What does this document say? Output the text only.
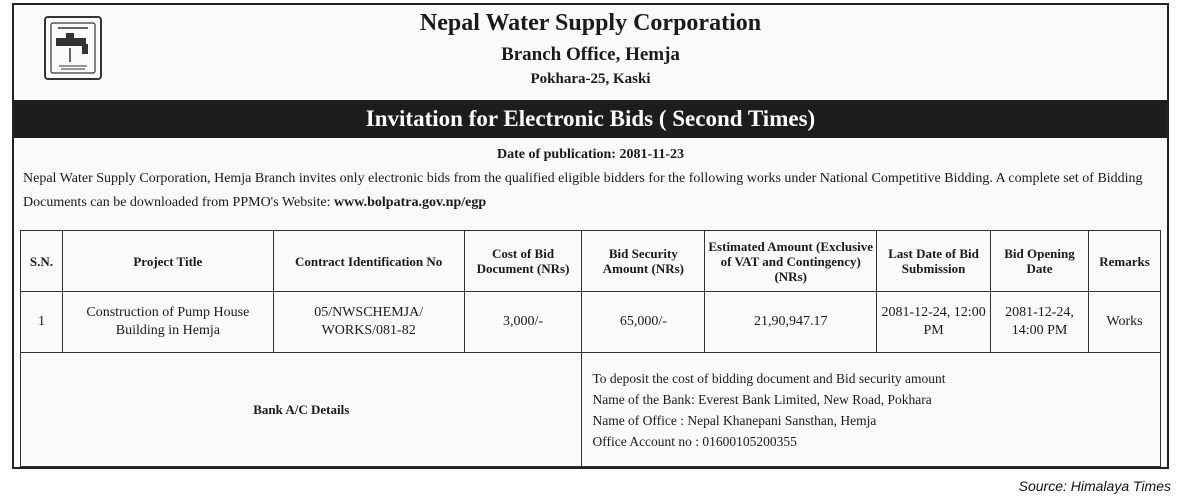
Nepal Water Supply Corporation
Branch Office, Hemja
Pokhara-25, Kaski
Invitation for Electronic Bids ( Second Times)
Date of publication: 2081-11-23
Nepal Water Supply Corporation, Hemja Branch invites only electronic bids from the qualified eligible bidders for the following works under National Competitive Bidding. A complete set of Bidding Documents can be downloaded from PPMO's Website: www.bolpatra.gov.np/egp
S.N.	Project Title	Contract Identification No	Cost of Bid Document (NRs)	Bid Security Amount (NRs)	Estimated Amount (Exclusive of VAT and Contingency) (NRs)	Last Date of Bid Submission	Bid Opening Date	Remarks
1	Construction of Pump House Building in Hemja	05/NWSCHEMJA/ WORKS/081-82	3,000/-	65,000/-	21,90,947.17	2081-12-24, 12:00 PM	2081-12-24, 14:00 PM	Works
Bank A/C Details				To deposit the cost of bidding document and Bid security amount
Name of the Bank: Everest Bank Limited, New Road, Pokhara
Name of Office : Nepal Khanepani Sansthan, Hemja
Office Account no : 01600105200355				
Source: Himalaya Times
